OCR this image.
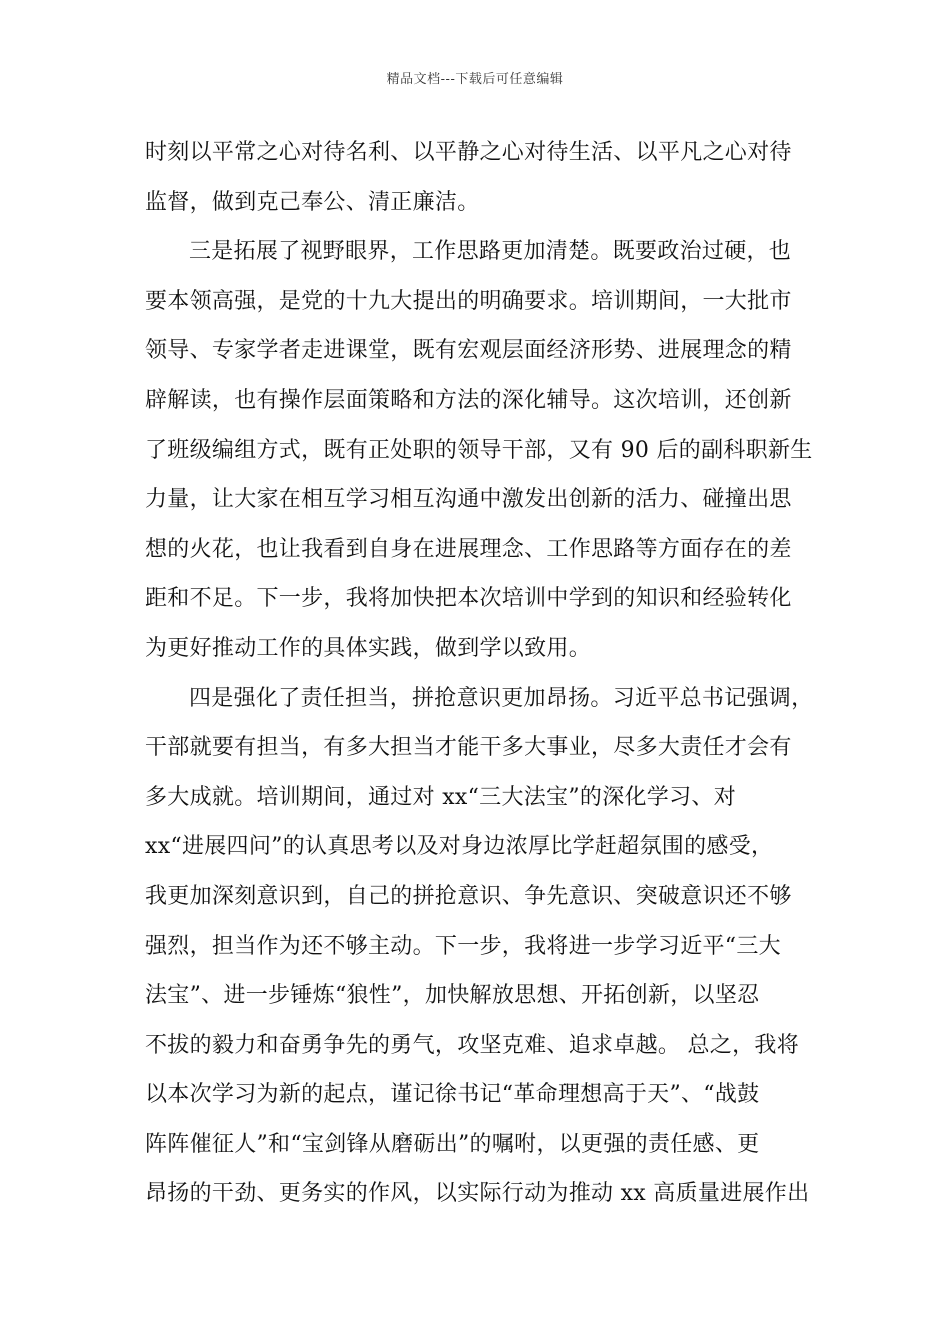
精品文档---下载后可任意编辑
时刻以平常之心对待名利、以平静之心对待生活、以平凡之心对待
监督，做到克己奉公、清正廉洁。
三是拓展了视野眼界，工作思路更加清楚。既要政治过硬，也
要本领高强，是党的十九大提出的明确要求。培训期间，一大批市
领导、专家学者走进课堂，既有宏观层面经济形势、进展理念的精
辟解读，也有操作层面策略和方法的深化辅导。这次培训，还创新
了班级编组方式，既有正处职的领导干部，又有 90 后的副科职新生
力量，让大家在相互学习相互沟通中激发出创新的活力、碰撞出思
想的火花，也让我看到自身在进展理念、工作思路等方面存在的差
距和不足。下一步，我将加快把本次培训中学到的知识和经验转化
为更好推动工作的具体实践，做到学以致用。
四是强化了责任担当，拼抢意识更加昂扬。习近平总书记强调，
干部就要有担当，有多大担当才能干多大事业，尽多大责任才会有
多大成就。培训期间，通过对 xx“三大法宝”的深化学习、对
xx“进展四问”的认真思考以及对身边浓厚比学赶超氛围的感受，
我更加深刻意识到，自己的拼抢意识、争先意识、突破意识还不够
强烈，担当作为还不够主动。下一步，我将进一步学习近平“三大
法宝”、进一步锤炼“狼性”，加快解放思想、开拓创新，以坚忍
不拔的毅力和奋勇争先的勇气，攻坚克难、追求卓越。 总之，我将
以本次学习为新的起点，谨记徐书记“革命理想高于天”、“战鼓
阵阵催征人”和“宝剑锋从磨砺出”的嘱咐，以更强的责任感、更
昂扬的干劲、更务实的作风，以实际行动为推动 xx 高质量进展作出
